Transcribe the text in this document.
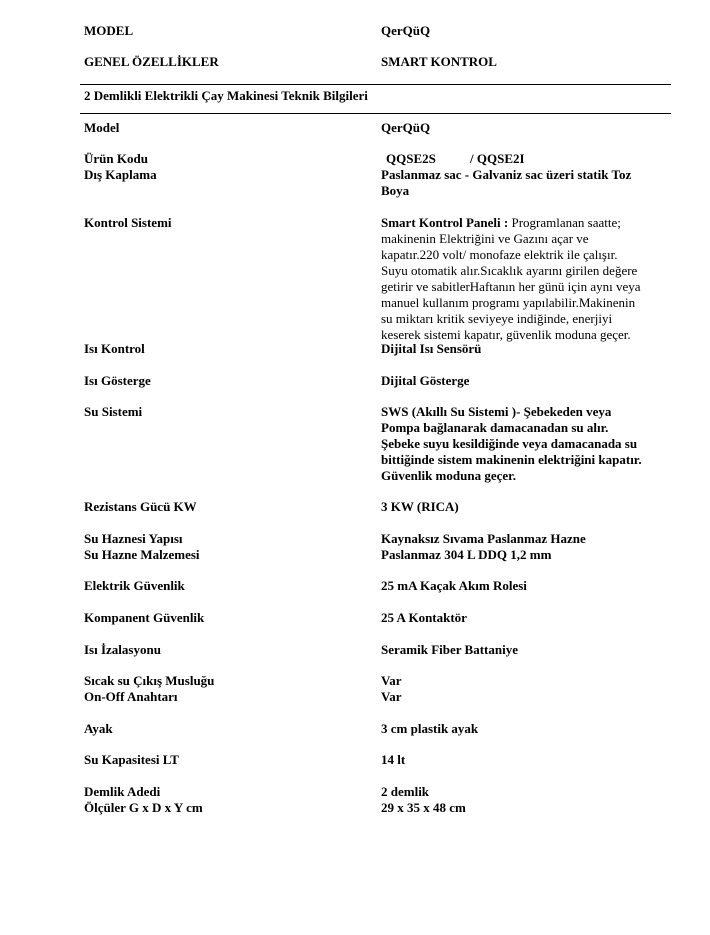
MODEL	QerQüQ
GENEL ÖZELLİKLER	SMART KONTROL
2 Demlikli Elektrikli Çay Makinesi Teknik Bilgileri
Model	QerQüQ
Ürün Kodu	QQSE2S	/ QQSE2I
Dış Kaplama	Paslanmaz sac - Galvaniz sac üzeri statik Toz
Boya
Kontrol Sistemi	Smart Kontrol Paneli : Programlanan saatte;
makinenin Elektriğini ve Gazını açar ve
kapatır.220 volt/ monofaze elektrik ile çalışır.
Suyu otomatik alır.Sıcaklık ayarını girilen değere
getirir ve sabitlerHaftanın her günü için aynı veya
manuel kullanım programı yapılabilir.Makinenin
su miktarı kritik seviyeye indiğinde, enerjiyi
keserek sistemi kapatır, güvenlik moduna geçer.
Isı Kontrol	Dijital Isı Sensörü
Isı Gösterge	Dijital Gösterge
Su Sistemi	SWS (Akıllı Su Sistemi )- Şebekeden veya
Pompa bağlanarak damacanadan su alır.
Şebeke suyu kesildiğinde veya damacanada su
bittiğinde sistem makinenin elektriğini kapatır.
Güvenlik moduna geçer.
Rezistans Gücü KW	3 KW (RICA)
Su Haznesi Yapısı	Kaynaksız Sıvama Paslanmaz Hazne
Su Hazne Malzemesi	Paslanmaz 304 L DDQ 1,2 mm
Elektrik Güvenlik	25 mA Kaçak Akım Rolesi
Kompanent Güvenlik	25 A Kontaktör
Isı İzalasyonu	Seramik Fiber Battaniye
Sıcak su Çıkış Musluğu	Var
On-Off Anahtarı	Var
Ayak	3 cm plastik ayak
Su Kapasitesi LT	14 lt
Demlik Adedi	2 demlik
Ölçüler G x D x Y cm	29 x 35 x 48 cm
